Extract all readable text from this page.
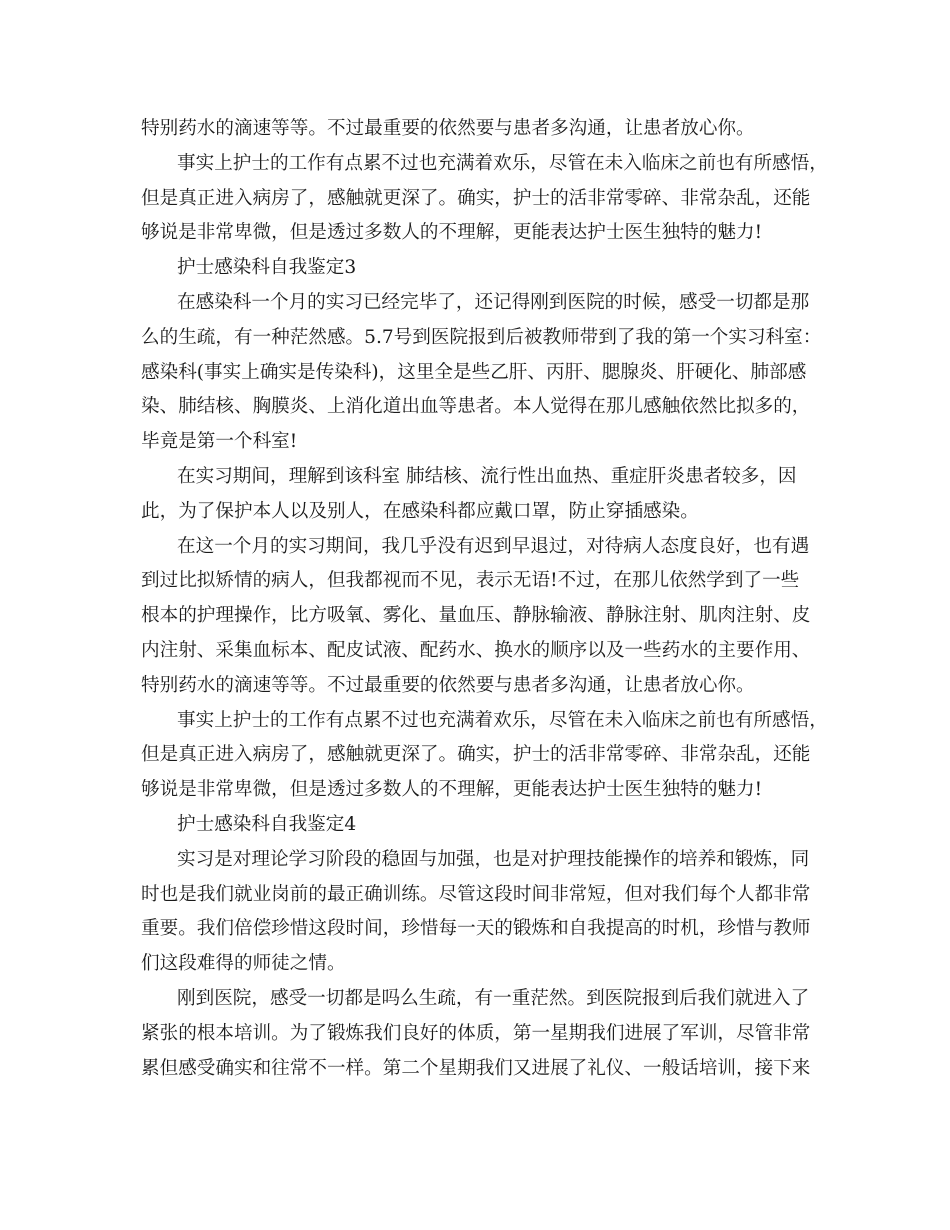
特别药水的滴速等等。不过最重要的依然要与患者多沟通，让患者放心你。
事实上护士的工作有点累不过也充满着欢乐，尽管在未入临床之前也有所感悟，
但是真正进入病房了，感触就更深了。确实，护士的活非常零碎、非常杂乱，还能
够说是非常卑微，但是透过多数人的不理解，更能表达护士医生独特的魅力!
护士感染科自我鉴定3
在感染科一个月的实习已经完毕了，还记得刚到医院的时候，感受一切都是那
么的生疏，有一种茫然感。5.7号到医院报到后被教师带到了我的第一个实习科室：
感染科(事实上确实是传染科)，这里全是些乙肝、丙肝、腮腺炎、肝硬化、肺部感
染、肺结核、胸膜炎、上消化道出血等患者。本人觉得在那儿感触依然比拟多的，
毕竟是第一个科室!
在实习期间，理解到该科室 肺结核、流行性出血热、重症肝炎患者较多，因
此，为了保护本人以及别人，在感染科都应戴口罩，防止穿插感染。
在这一个月的实习期间，我几乎没有迟到早退过，对待病人态度良好，也有遇
到过比拟矫情的病人，但我都视而不见，表示无语!不过，在那儿依然学到了一些
根本的护理操作，比方吸氧、雾化、量血压、静脉输液、静脉注射、肌肉注射、皮
内注射、采集血标本、配皮试液、配药水、换水的顺序以及一些药水的主要作用、
特别药水的滴速等等。不过最重要的依然要与患者多沟通，让患者放心你。
事实上护士的工作有点累不过也充满着欢乐，尽管在未入临床之前也有所感悟，
但是真正进入病房了，感触就更深了。确实，护士的活非常零碎、非常杂乱，还能
够说是非常卑微，但是透过多数人的不理解，更能表达护士医生独特的魅力!
护士感染科自我鉴定4
实习是对理论学习阶段的稳固与加强，也是对护理技能操作的培养和锻炼，同
时也是我们就业岗前的最正确训练。尽管这段时间非常短，但对我们每个人都非常
重要。我们倍偿珍惜这段时间，珍惜每一天的锻炼和自我提高的时机，珍惜与教师
们这段难得的师徒之情。
刚到医院，感受一切都是吗么生疏，有一重茫然。到医院报到后我们就进入了
紧张的根本培训。为了锻炼我们良好的体质，第一星期我们进展了军训，尽管非常
累但感受确实和往常不一样。第二个星期我们又进展了礼仪、一般话培训，接下来
